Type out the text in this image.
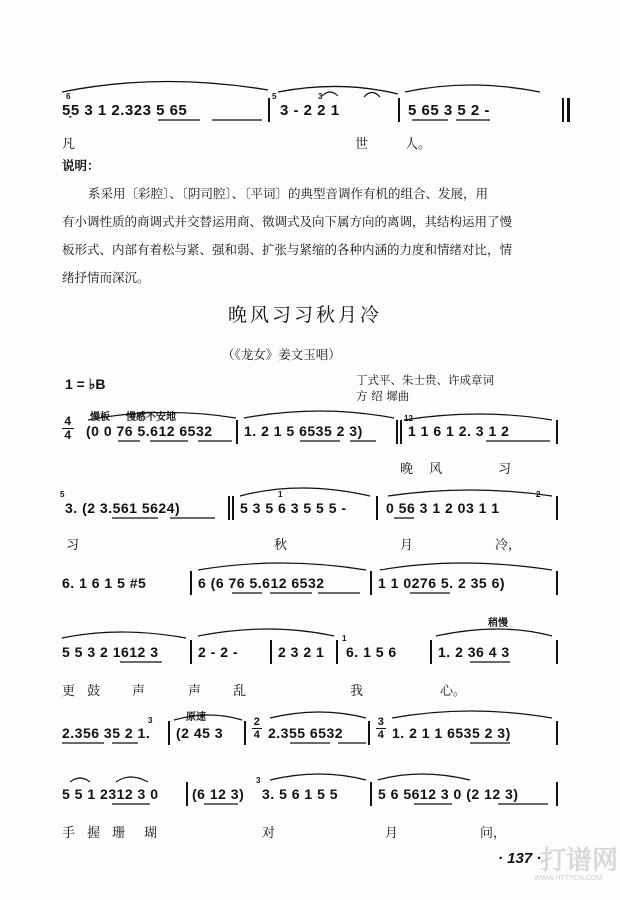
6	5	3
5̣5 3 1 2.323 5 65	3 - 2 2 1	5 65 3 5 2 -
凡	世	人。
说明：
系采用〔彩腔〕、〔阴司腔〕、〔平词〕的典型音调作有机的组合、发展，用
有小调性质的商调式并交替运用商、徵调式及向下属方向的离调，其结构运用了慢
板形式、内部有着松与紧、强和弱、扩张与紧缩的各种内涵的力度和情绪对比，情
绪抒情而深沉。
晚风习习秋月冷
（《龙女》姜文玉唱）
1 = ♭B	丁式平、朱士贵、许成章词
方 绍 墀曲
慢板 慢慼不安地
4
4 (0 0 76 5.612 6532 1. 2 1 5 6535 2 3)
12
1 1 6 1 2. 3 1 2
晚 风	习
5
3. (2 3.561 5624)
1
5 3 5 6 3 5 5 5 -
2
0 56 3 1 2 03 1 1
习	秋	月	冷，
6. 1 6 1 5 #5	6 (6 76 5.612 6532	1 1 0276 5. 2 35 6)
稍慢
5 5 3 2 1612 3	2 - 2 -	2 3 2 1
1
6. 1 5 6	1. 2 36 4 3
更 鼓 声	声 乱	我	心。
原速
2.356 35 2 1.
3
(2 45 3
2
4 2.355 6532
3
4 1. 2 1 1 6535 2 3)
5 5 1 2312 3 0 (6 12 3)
3
3. 5 6 1 5 5	5 6 5612 3 0 (2 12 3)
手 握 珊 瑚	对	月	问，
· 137 ·
打谱网
WWW.HTTPCN.COM
